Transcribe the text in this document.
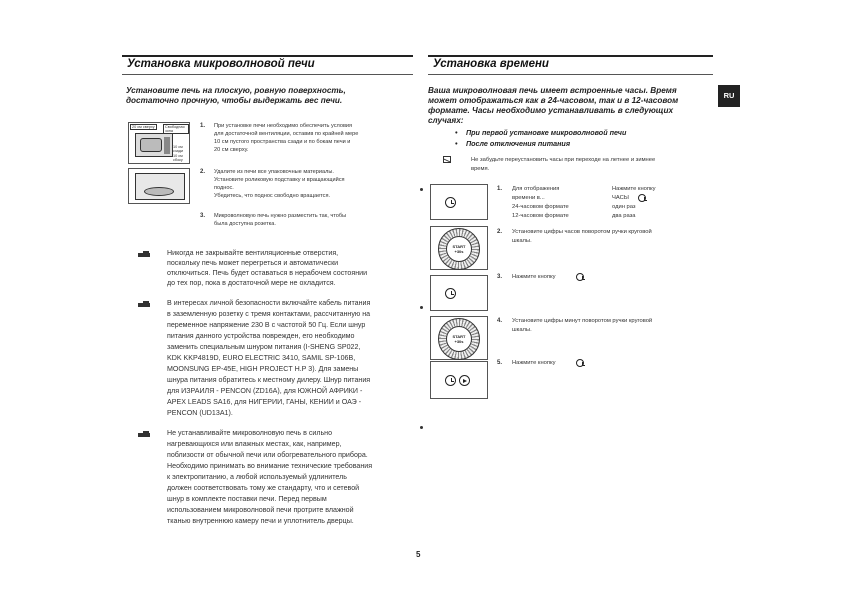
Установка микроволновой печи
Установите печь на плоскую, ровную поверхность,
достаточно прочную, чтобы выдержать вес печи.
20 см сверху	Свободная зона
10 см сзади
10 см сбоку
1. При установке печи необходимо обеспечить условия
для достаточной вентиляции, оставив по крайней мере
10 см пустого пространства сзади и по бокам печи и
20 см сверху.
2. Удалите из печи все упаковочные материалы.
Установите роликовую подставку и вращающийся
поднос.
Убедитесь, что поднос свободно вращается.
3. Микроволновую печь нужно разместить так, чтобы
была доступна розетка.
Никогда не закрывайте вентиляционные отверстия,
поскольку печь может перегреться и автоматически
отключиться. Печь будет оставаться в нерабочем состоянии
до тех пор, пока в достаточной мере не охладится.
В интересах личной безопасности включайте кабель питания
в заземленную розетку с тремя контактами, рассчитанную на
переменное напряжение 230 В с частотой 50 Гц. Если шнур
питания данного устройства поврежден, его необходимо
заменить специальным шнуром питания (I-SHENG SP022,
KDK KKP4819D, EURO ELECTRIC 3410, SAMIL SP-106B,
MOONSUNG EP-45E, HIGH PROJECT H.P 3). Для замены
шнура питания обратитесь к местному дилеру. Шнур питания
для ИЗРАИЛЯ - PENCON (ZD16A), для ЮЖНОЙ АФРИКИ -
APEX LEADS SA16, для НИГЕРИИ, ГАНЫ, КЕНИИ и ОАЭ -
PENCON (UD13A1).
Не устанавливайте микроволновую печь в сильно
нагревающихся или влажных местах, как, например,
поблизости от обычной печи или обогревательного прибора.
Необходимо принимать во внимание технические требования
к электропитанию, а любой используемый удлинитель
должен соответствовать тому же стандарту, что и сетевой
шнур в комплекте поставки печи. Перед первым
использованием микроволновой печи протрите влажной
тканью внутреннюю камеру печи и уплотнитель дверцы.
Установка времени
RU
Ваша микроволновая печь имеет встроенные часы. Время
может отображаться как в 24-часовом, так и в 12-часовом
формате. Часы необходимо устанавливать в следующих
случаях:
• При первой установке микроволновой печи
• После отключения питания
Не забудьте переустановить часы при переходе на летнее и зимнее
время.
1. Для отображения
времени в...
24-часовом формате
12-часовом формате
Нажмите кнопку
ЧАСЫ
один раз
два раза
START
+30s
2. Установите цифры часов поворотом ручки круговой
шкалы.
3. Нажмите кнопку
START
+30s
4. Установите цифры минут поворотом ручки круговой
шкалы.
5. Нажмите кнопку
5
